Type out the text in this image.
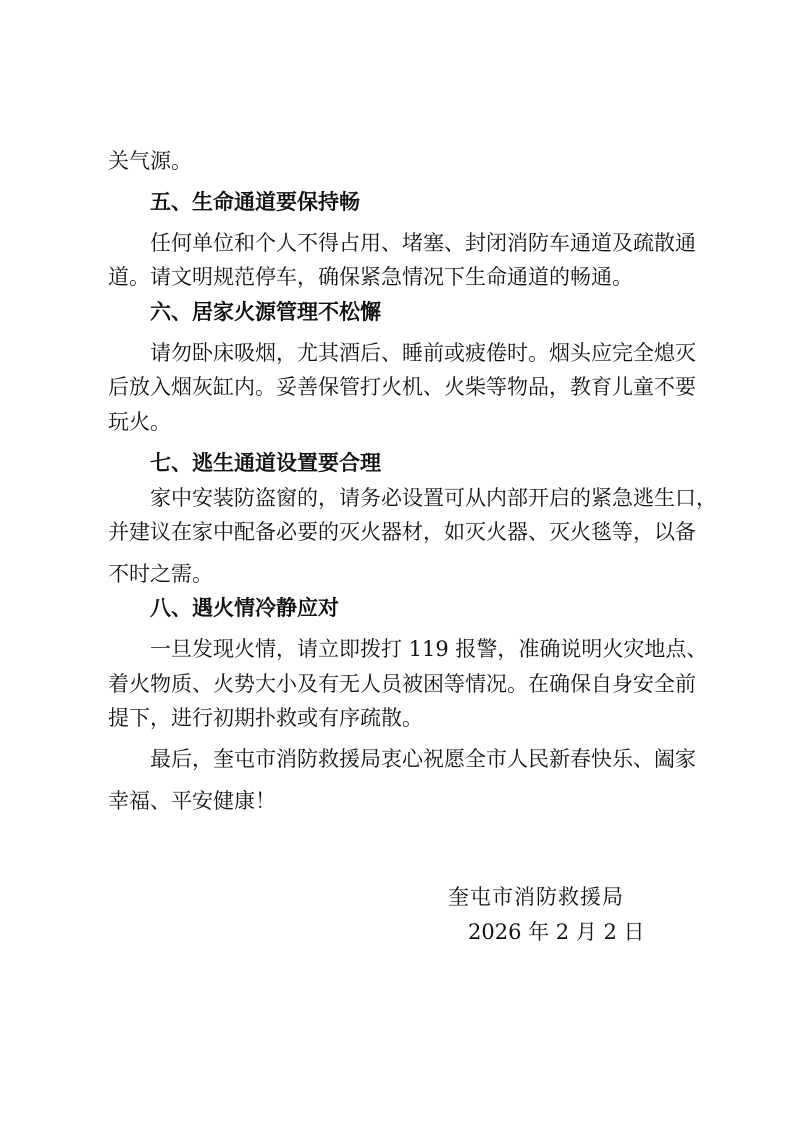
关气源。
五、生命通道要保持畅
任何单位和个人不得占用、堵塞、封闭消防车通道及疏散通
道。请文明规范停车，确保紧急情况下生命通道的畅通。
六、居家火源管理不松懈
请勿卧床吸烟，尤其酒后、睡前或疲倦时。烟头应完全熄灭
后放入烟灰缸内。妥善保管打火机、火柴等物品，教育儿童不要
玩火。
七、逃生通道设置要合理
家中安装防盗窗的，请务必设置可从内部开启的紧急逃生口，
并建议在家中配备必要的灭火器材，如灭火器、灭火毯等，以备
不时之需。
八、遇火情冷静应对
一旦发现火情，请立即拨打 119 报警，准确说明火灾地点、
着火物质、火势大小及有无人员被困等情况。在确保自身安全前
提下，进行初期扑救或有序疏散。
最后，奎屯市消防救援局衷心祝愿全市人民新春快乐、阖家
幸福、平安健康！
奎屯市消防救援局
2026 年 2 月 2 日
